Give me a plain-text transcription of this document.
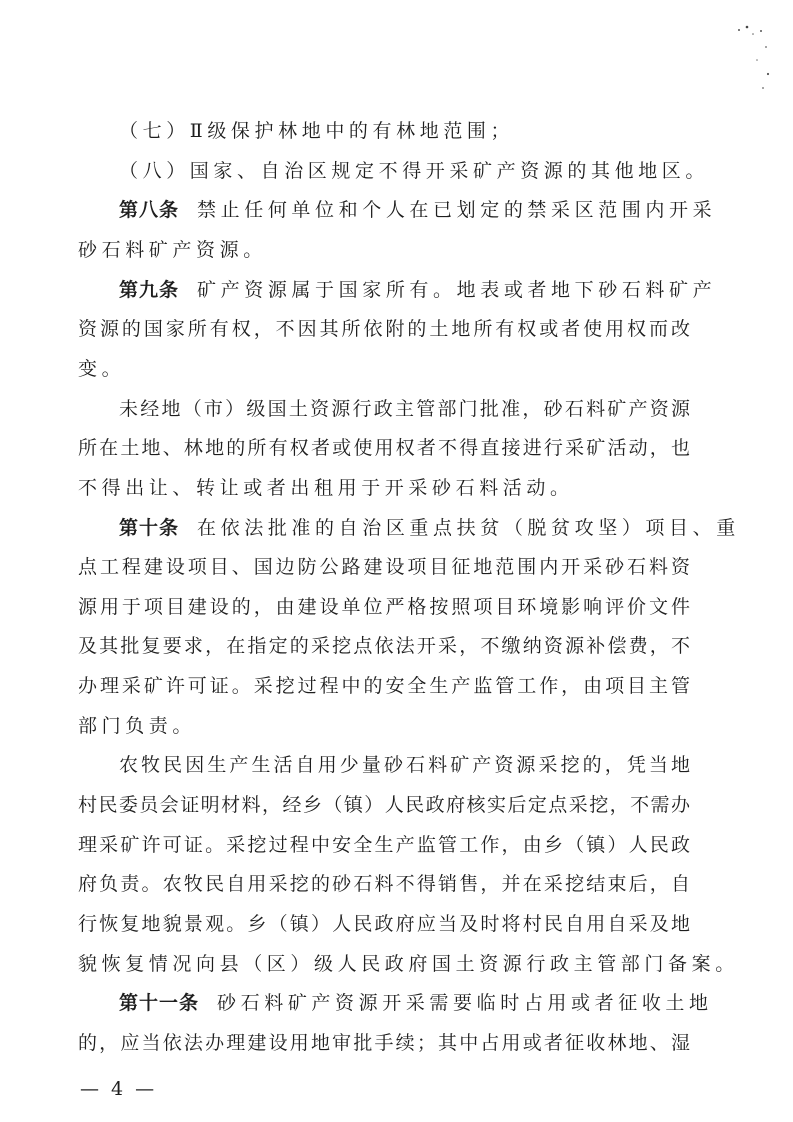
（七）Ⅱ级保护林地中的有林地范围；
（八）国家、自治区规定不得开采矿产资源的其他地区。
第八条 禁止任何单位和个人在已划定的禁采区范围内开采
砂石料矿产资源。
第九条 矿产资源属于国家所有。地表或者地下砂石料矿产
资源的国家所有权，不因其所依附的土地所有权或者使用权而改
变。
未经地（市）级国土资源行政主管部门批准，砂石料矿产资源
所在土地、林地的所有权者或使用权者不得直接进行采矿活动，也
不得出让、转让或者出租用于开采砂石料活动。
第十条 在依法批准的自治区重点扶贫（脱贫攻坚）项目、重
点工程建设项目、国边防公路建设项目征地范围内开采砂石料资
源用于项目建设的，由建设单位严格按照项目环境影响评价文件
及其批复要求，在指定的采挖点依法开采，不缴纳资源补偿费，不
办理采矿许可证。采挖过程中的安全生产监管工作，由项目主管
部门负责。
农牧民因生产生活自用少量砂石料矿产资源采挖的，凭当地
村民委员会证明材料，经乡（镇）人民政府核实后定点采挖，不需办
理采矿许可证。采挖过程中安全生产监管工作，由乡（镇）人民政
府负责。农牧民自用采挖的砂石料不得销售，并在采挖结束后，自
行恢复地貌景观。乡（镇）人民政府应当及时将村民自用自采及地
貌恢复情况向县（区）级人民政府国土资源行政主管部门备案。
第十一条 砂石料矿产资源开采需要临时占用或者征收土地
的，应当依法办理建设用地审批手续；其中占用或者征收林地、湿
— 4 —
